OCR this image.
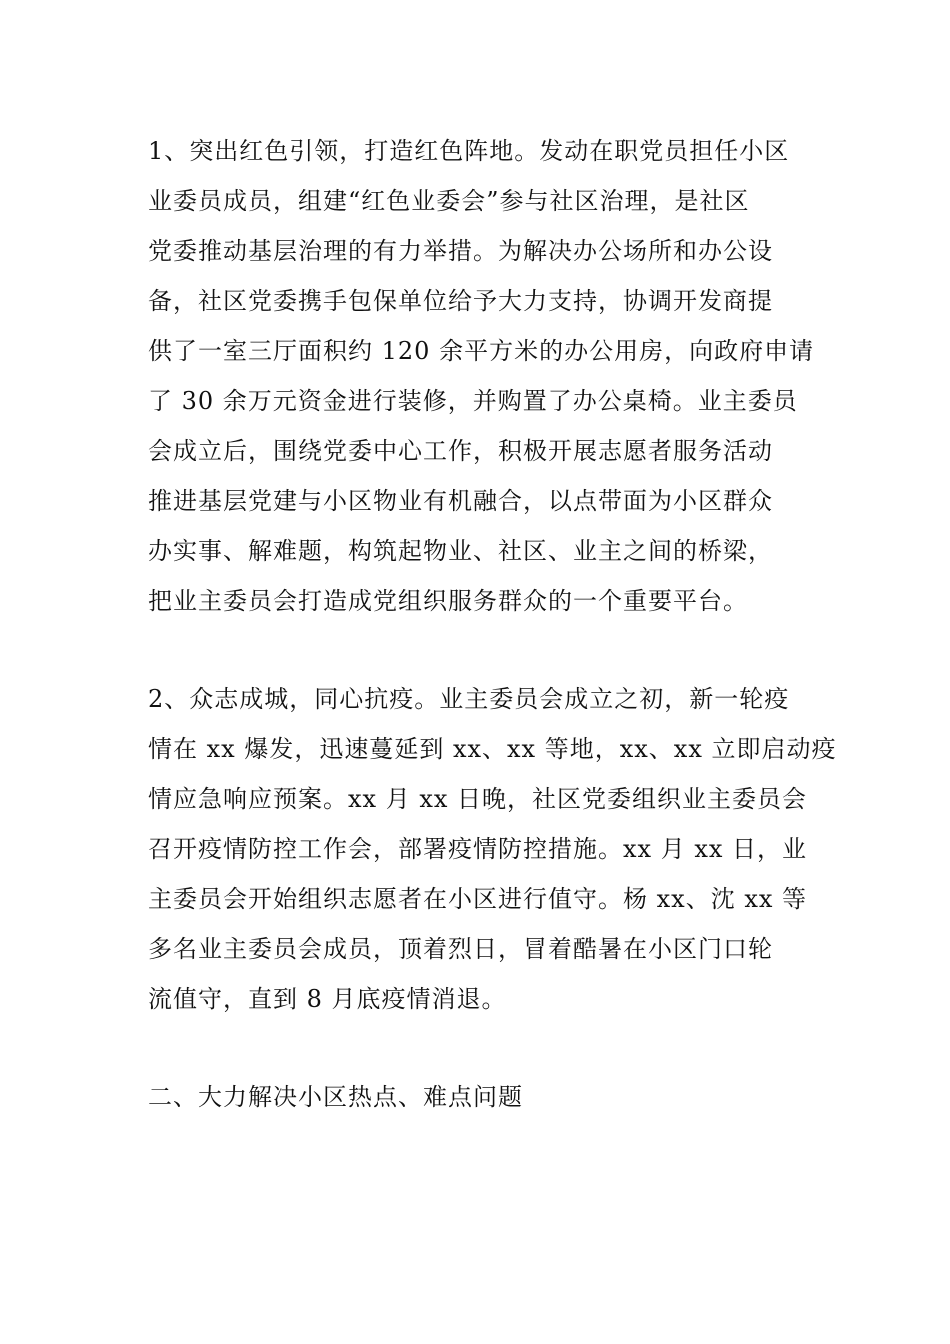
1、突出红色引领，打造红色阵地。发动在职党员担任小区
业委员成员，组建“红色业委会”参与社区治理，是社区
党委推动基层治理的有力举措。为解决办公场所和办公设
备，社区党委携手包保单位给予大力支持，协调开发商提
供了一室三厅面积约 120 余平方米的办公用房，向政府申请
了 30 余万元资金进行装修，并购置了办公桌椅。业主委员
会成立后，围绕党委中心工作，积极开展志愿者服务活动
推进基层党建与小区物业有机融合，以点带面为小区群众
办实事、解难题，构筑起物业、社区、业主之间的桥梁，
把业主委员会打造成党组织服务群众的一个重要平台。
2、众志成城，同心抗疫。业主委员会成立之初，新一轮疫
情在 xx 爆发，迅速蔓延到 xx、xx 等地，xx、xx 立即启动疫
情应急响应预案。xx 月 xx 日晚，社区党委组织业主委员会
召开疫情防控工作会，部署疫情防控措施。xx 月 xx 日，业
主委员会开始组织志愿者在小区进行值守。杨 xx、沈 xx 等
多名业主委员会成员，顶着烈日，冒着酷暑在小区门口轮
流值守，直到 8 月底疫情消退。
二、大力解决小区热点、难点问题
